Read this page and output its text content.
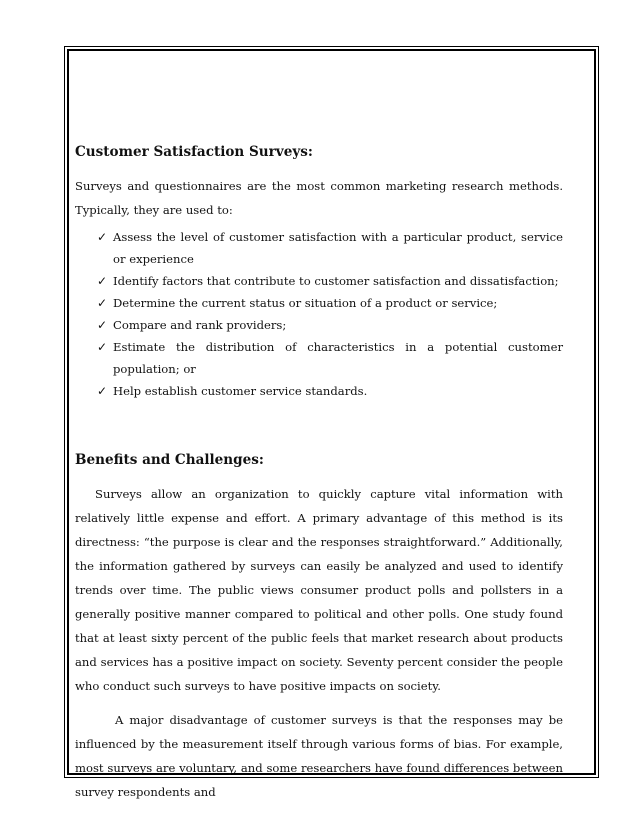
Customer Satisfaction Surveys:

Surveys and questionnaires are the most common marketing research methods. Typically, they are used to:

✓ Assess the level of customer satisfaction with a particular product, service or experience
✓ Identify factors that contribute to customer satisfaction and dissatisfaction;
✓ Determine the current status or situation of a product or service;
✓ Compare and rank providers;
✓ Estimate the distribution of characteristics in a potential customer population; or
✓ Help establish customer service standards.
Benefits and Challenges:

Surveys allow an organization to quickly capture vital information with relatively little expense and effort. A primary advantage of this method is its directness: “the purpose is clear and the responses straightforward.” Additionally, the information gathered by surveys can easily be analyzed and used to identify trends over time. The public views consumer product polls and pollsters in a generally positive manner compared to political and other polls. One study found that at least sixty percent of the public feels that market research about products and services has a positive impact on society. Seventy percent consider the people who conduct such surveys to have positive impacts on society.

A major disadvantage of customer surveys is that the responses may be influenced by the measurement itself through various forms of bias. For example, most surveys are voluntary, and some researchers have found differences between survey respondents and
